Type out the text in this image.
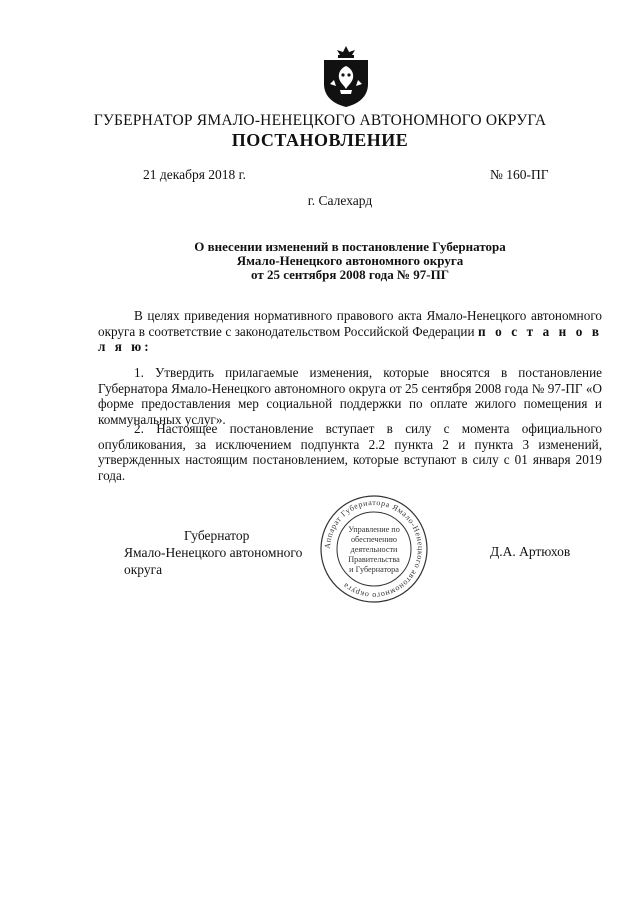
ГУБЕРНАТОР ЯМАЛО-НЕНЕЦКОГО АВТОНОМНОГО ОКРУГА
ПОСТАНОВЛЕНИЕ
21 декабря 2018 г.	№ 160-ПГ
г. Салехард
О внесении изменений в постановление Губернатора
Ямало-Ненецкого автономного округа
от 25 сентября 2008 года № 97-ПГ
В целях приведения нормативного правового акта Ямало-Ненецкого автономного округа в соответствие с законодательством Российской Федерации п о с т а н о в л я ю:
1. Утвердить прилагаемые изменения, которые вносятся в постановление Губернатора Ямало-Ненецкого автономного округа от 25 сентября 2008 года № 97-ПГ «О форме предоставления мер социальной поддержки по оплате жилого помещения и коммунальных услуг».
2. Настоящее постановление вступает в силу с момента официального опубликования, за исключением подпункта 2.2 пункта 2 и пункта 3 изменений, утвержденных настоящим постановлением, которые вступают в силу с 01 января 2019 года.
Губернатор
Ямало-Ненецкого автономного округа
Аппарат Губернатора Ямало-Ненецкого автономного округа
Управление по
обеспечению
деятельности
Правительства
и Губернатора
Д.А. Артюхов
